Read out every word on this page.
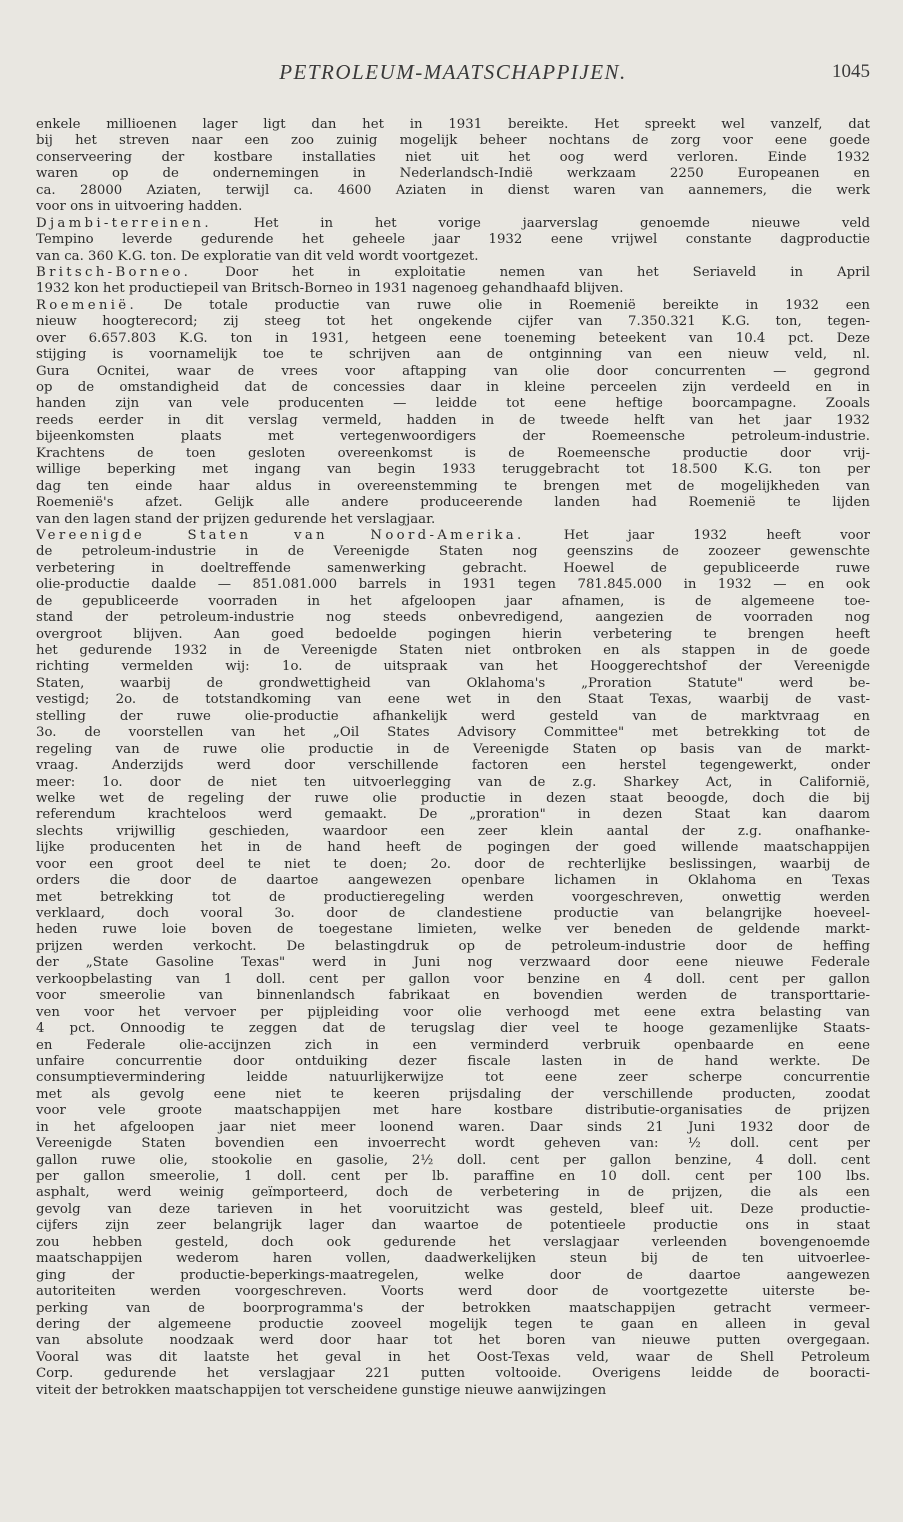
PETROLEUM-MAATSCHAPPIJEN.	1045
enkele millioenen lager ligt dan het in 1931 bereikte. Het spreekt wel vanzelf, dat
bij het streven naar een zoo zuinig mogelijk beheer nochtans de zorg voor eene goede
conserveering der kostbare installaties niet uit het oog werd verloren. Einde 1932
waren op de ondernemingen in Nederlandsch-Indië werkzaam 2250 Europeanen en
ca. 28000 Aziaten, terwijl ca. 4600 Aziaten in dienst waren van aannemers, die werk
voor ons in uitvoering hadden.
Djambi-terreinen. Het in het vorige jaarverslag genoemde nieuwe veld
Tempino leverde gedurende het geheele jaar 1932 eene vrijwel constante dagproductie
van ca. 360 K.G. ton. De exploratie van dit veld wordt voortgezet.
Britsch-Borneo. Door het in exploitatie nemen van het Seriaveld in April
1932 kon het productiepeil van Britsch-Borneo in 1931 nagenoeg gehandhaafd blijven.
Roemenië. De totale productie van ruwe olie in Roemenië bereikte in 1932 een
nieuw hoogterecord; zij steeg tot het ongekende cijfer van 7.350.321 K.G. ton, tegen-
over 6.657.803 K.G. ton in 1931, hetgeen eene toeneming beteekent van 10.4 pct. Deze
stijging is voornamelijk toe te schrijven aan de ontginning van een nieuw veld, nl.
Gura Ocnitei, waar de vrees voor aftapping van olie door concurrenten — gegrond
op de omstandigheid dat de concessies daar in kleine perceelen zijn verdeeld en in
handen zijn van vele producenten — leidde tot eene heftige boorcampagne. Zooals
reeds eerder in dit verslag vermeld, hadden in de tweede helft van het jaar 1932
bijeenkomsten plaats met vertegenwoordigers der Roemeensche petroleum-industrie.
Krachtens de toen gesloten overeenkomst is de Roemeensche productie door vrij-
willige beperking met ingang van begin 1933 teruggebracht tot 18.500 K.G. ton per
dag ten einde haar aldus in overeenstemming te brengen met de mogelijkheden van
Roemenië's afzet. Gelijk alle andere produceerende landen had Roemenië te lijden
van den lagen stand der prijzen gedurende het verslagjaar.
Vereenigde Staten van Noord-Amerika. Het jaar 1932 heeft voor
de petroleum-industrie in de Vereenigde Staten nog geenszins de zoozeer gewenschte
verbetering in doeltreffende samenwerking gebracht. Hoewel de gepubliceerde ruwe
olie-productie daalde — 851.081.000 barrels in 1931 tegen 781.845.000 in 1932 — en ook
de gepubliceerde voorraden in het afgeloopen jaar afnamen, is de algemeene toe-
stand der petroleum-industrie nog steeds onbevredigend, aangezien de voorraden nog
overgroot blijven. Aan goed bedoelde pogingen hierin verbetering te brengen heeft
het gedurende 1932 in de Vereenigde Staten niet ontbroken en als stappen in de goede
richting vermelden wij: 1o. de uitspraak van het Hooggerechtshof der Vereenigde
Staten, waarbij de grondwettigheid van Oklahoma's „Proration Statute" werd be-
vestigd; 2o. de totstandkoming van eene wet in den Staat Texas, waarbij de vast-
stelling der ruwe olie-productie afhankelijk werd gesteld van de marktvraag en
3o. de voorstellen van het „Oil States Advisory Committee" met betrekking tot de
regeling van de ruwe olie productie in de Vereenigde Staten op basis van de markt-
vraag. Anderzijds werd door verschillende factoren een herstel tegengewerkt, onder
meer: 1o. door de niet ten uitvoerlegging van de z.g. Sharkey Act, in Californië,
welke wet de regeling der ruwe olie productie in dezen staat beoogde, doch die bij
referendum krachteloos werd gemaakt. De „proration" in dezen Staat kan daarom
slechts vrijwillig geschieden, waardoor een zeer klein aantal der z.g. onafhanke-
lijke producenten het in de hand heeft de pogingen der goed willende maatschappijen
voor een groot deel te niet te doen; 2o. door de rechterlijke beslissingen, waarbij de
orders die door de daartoe aangewezen openbare lichamen in Oklahoma en Texas
met betrekking tot de productieregeling werden voorgeschreven, onwettig werden
verklaard, doch vooral 3o. door de clandestiene productie van belangrijke hoeveel-
heden ruwe loie boven de toegestane limieten, welke ver beneden de geldende markt-
prijzen werden verkocht. De belastingdruk op de petroleum-industrie door de heffing
der „State Gasoline Texas" werd in Juni nog verzwaard door eene nieuwe Federale
verkoopbelasting van 1 doll. cent per gallon voor benzine en 4 doll. cent per gallon
voor smeerolie van binnenlandsch fabrikaat en bovendien werden de transporttarie-
ven voor het vervoer per pijpleiding voor olie verhoogd met eene extra belasting van
4 pct. Onnoodig te zeggen dat de terugslag dier veel te hooge gezamenlijke Staats-
en Federale olie-accijnzen zich in een verminderd verbruik openbaarde en eene
unfaire concurrentie door ontduiking dezer fiscale lasten in de hand werkte. De
consumptievermindering leidde natuurlijkerwijze tot eene zeer scherpe concurrentie
met als gevolg eene niet te keeren prijsdaling der verschillende producten, zoodat
voor vele groote maatschappijen met hare kostbare distributie-organisaties de prijzen
in het afgeloopen jaar niet meer loonend waren. Daar sinds 21 Juni 1932 door de
Vereenigde Staten bovendien een invoerrecht wordt geheven van: ½ doll. cent per
gallon ruwe olie, stookolie en gasolie, 2½ doll. cent per gallon benzine, 4 doll. cent
per gallon smeerolie, 1 doll. cent per lb. paraffine en 10 doll. cent per 100 lbs.
asphalt, werd weinig geïmporteerd, doch de verbetering in de prijzen, die als een
gevolg van deze tarieven in het vooruitzicht was gesteld, bleef uit. Deze productie-
cijfers zijn zeer belangrijk lager dan waartoe de potentieele productie ons in staat
zou hebben gesteld, doch ook gedurende het verslagjaar verleenden bovengenoemde
maatschappijen wederom haren vollen, daadwerkelijken steun bij de ten uitvoerlee-
ging der productie-beperkings-maatregelen, welke door de daartoe aangewezen
autoriteiten werden voorgeschreven. Voorts werd door de voortgezette uiterste be-
perking van de boorprogramma's der betrokken maatschappijen getracht vermeer-
dering der algemeene productie zooveel mogelijk tegen te gaan en alleen in geval
van absolute noodzaak werd door haar tot het boren van nieuwe putten overgegaan.
Vooral was dit laatste het geval in het Oost-Texas veld, waar de Shell Petroleum
Corp. gedurende het verslagjaar 221 putten voltooide. Overigens leidde de booracti-
viteit der betrokken maatschappijen tot verscheidene gunstige nieuwe aanwijzingen
